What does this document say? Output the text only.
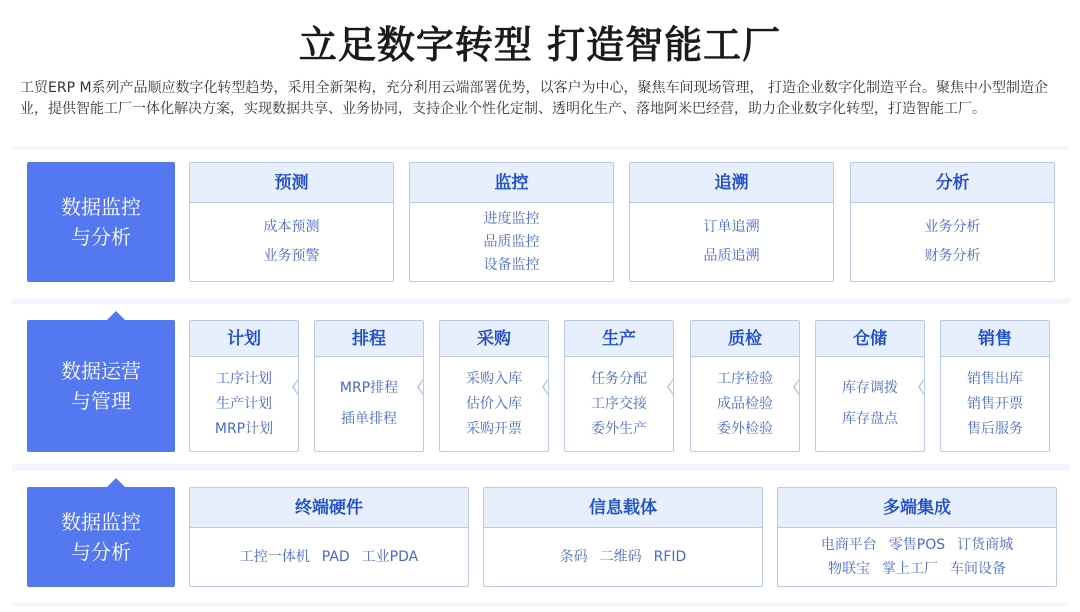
立足数字转型 打造智能工厂
工贸ERP M系列产品顺应数字化转型趋势，采用全新架构，充分利用云端部署优势，以客户为中心，聚焦车间现场管理， 打造企业数字化制造平台。聚焦中小型制造企业，提供智能工厂一体化解决方案，实现数据共享、业务协同，支持企业个性化定制、透明化生产、落地阿米巴经营，助力企业数字化转型，打造智能工厂。
数据监控
与分析
预测
成本预测
业务预警
监控
进度监控
品质监控
设备监控
追溯
订单追溯
品质追溯
分析
业务分析
财务分析
数据运营
与管理
计划
工序计划
生产计划
MRP计划
排程
MRP排程
插单排程
采购
采购入库
估价入库
采购开票
生产
任务分配
工序交接
委外生产
质检
工序检验
成品检验
委外检验
仓储
库存调拨
库存盘点
销售
销售出库
销售开票
售后服务
数据监控
与分析
终端硬件
工控一体机 PAD 工业PDA
信息载体
条码 二维码 RFID
多端集成
电商平台 零售POS 订货商城
物联宝 掌上工厂 车间设备
